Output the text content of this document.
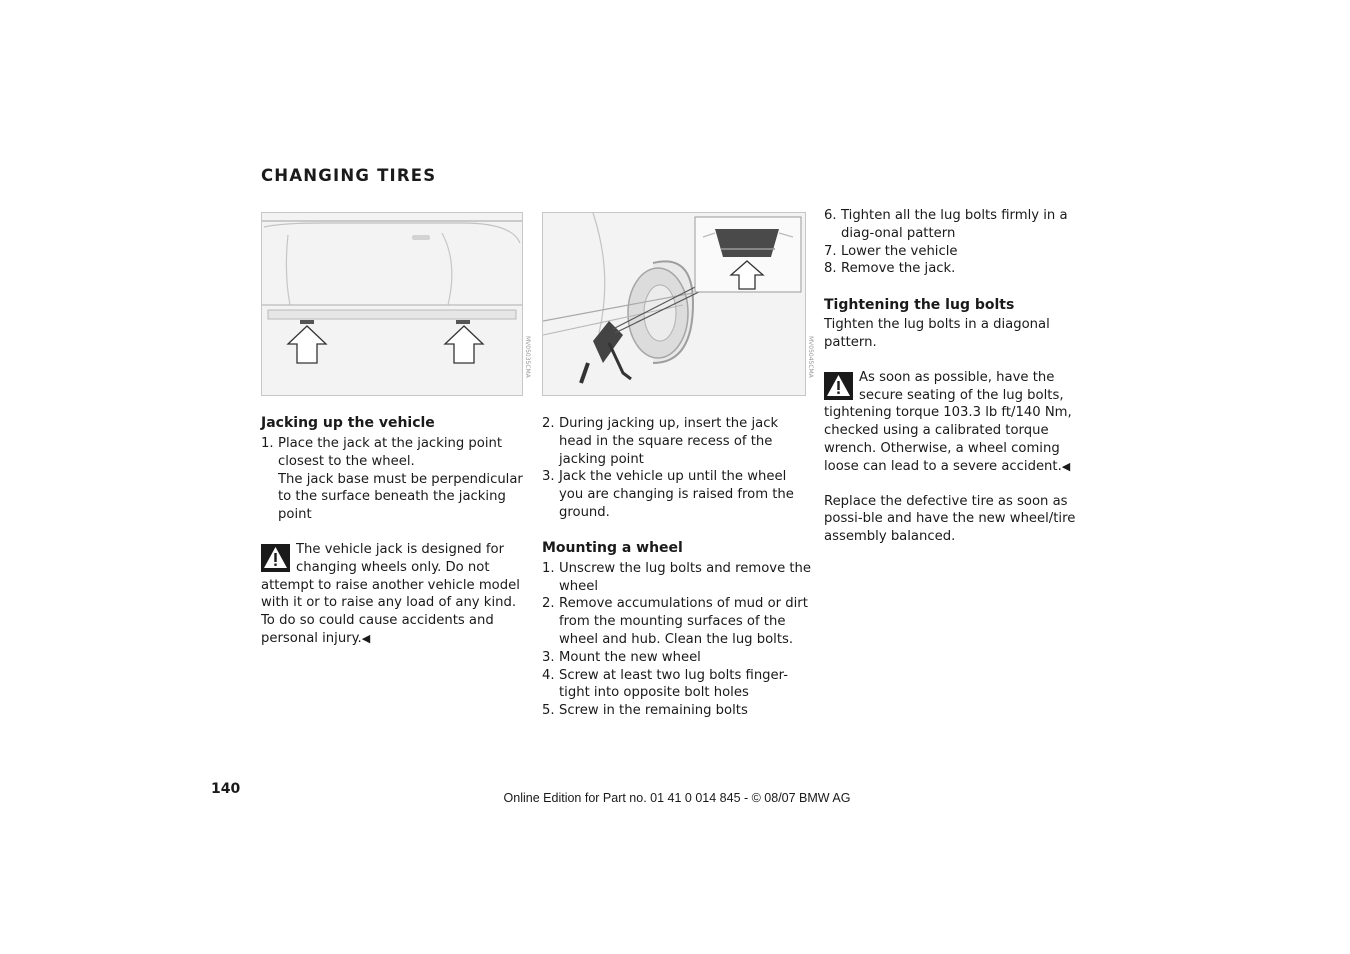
CHANGING TIRES
MV05035CMA	MV05045CMA
Jacking up the vehicle
1. Place the jack at the jacking point closest to the wheel.
The jack base must be perpendicular to the surface beneath the jacking point
The vehicle jack is designed for changing wheels only. Do not attempt to raise another vehicle model with it or to raise any load of any kind. To do so could cause accidents and personal injury.◀
2. During jacking up, insert the jack head in the square recess of the jacking point
3. Jack the vehicle up until the wheel you are changing is raised from the ground.
Mounting a wheel
1. Unscrew the lug bolts and remove the wheel
2. Remove accumulations of mud or dirt from the mounting surfaces of the wheel and hub. Clean the lug bolts.
3. Mount the new wheel
4. Screw at least two lug bolts finger-tight into opposite bolt holes
5. Screw in the remaining bolts
6. Tighten all the lug bolts firmly in a diag-onal pattern
7. Lower the vehicle
8. Remove the jack.
Tightening the lug bolts

Tighten the lug bolts in a diagonal pattern.

As soon as possible, have the secure seating of the lug bolts, tightening torque 103.3 lb ft/140 Nm, checked using a calibrated torque wrench. Otherwise, a wheel coming loose can lead to a severe accident.◀

Replace the defective tire as soon as possi-ble and have the new wheel/tire assembly balanced.

140
Online Edition for Part no. 01 41 0 014 845 - © 08/07 BMW AG
